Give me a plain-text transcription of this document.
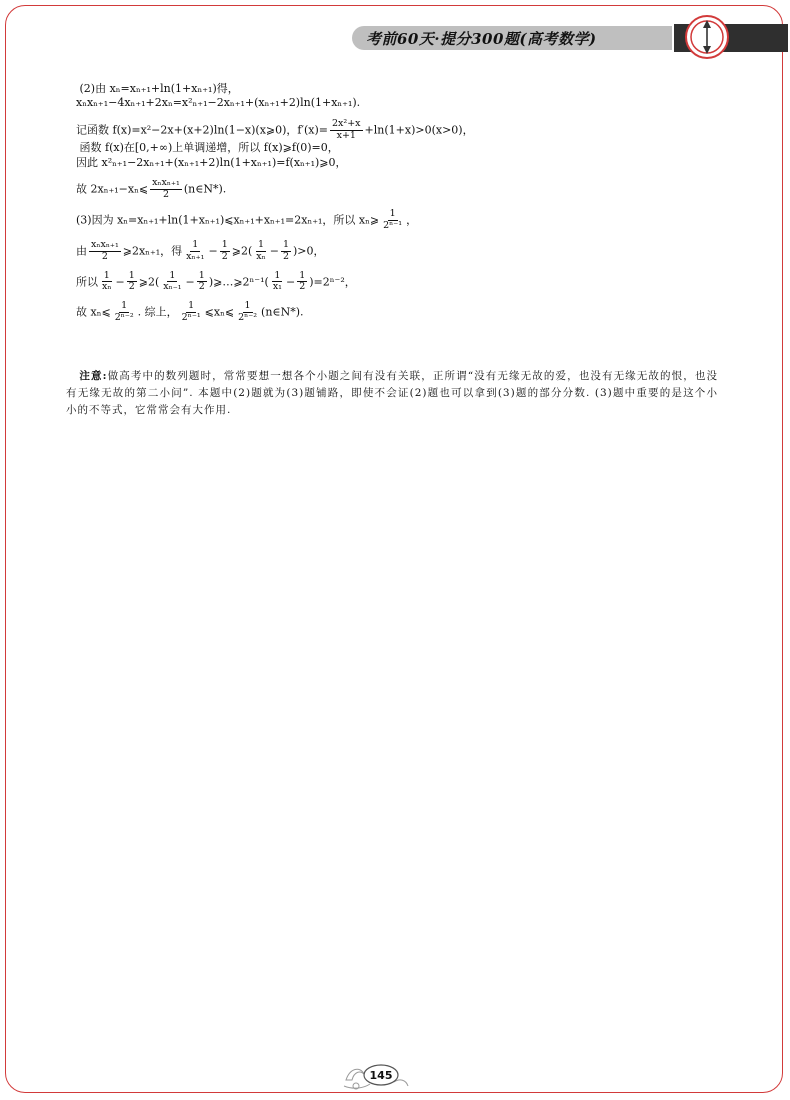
考前60天·提分300题(高考数学)

(2)由 xₙ=xₙ₊₁+ln(1+xₙ₊₁)得，

xₙxₙ₊₁−4xₙ₊₁+2xₙ=x²ₙ₊₁−2xₙ₊₁+(xₙ₊₁+2)ln(1+xₙ₊₁).

记函数 f(x)=x²−2x+(x+2)ln(1−x)(x⩾0)，$f'(x)= \frac{\text{2x²+x}}{x+1} +\ln(1+x)>0(x>0)$，

函数 f(x)在[0,+∞)上单调递增，所以 f(x)⩾f(0)=0，

因此 x²ₙ₊₁−2xₙ₊₁+(xₙ₊₁+2)ln(1+xₙ₊₁)=f(xₙ₊₁)⩾0，

故 2xₙ₊₁−xₙ⩽ $\frac{\text{xₙxₙ₊₁}}{2}$ (n∈N*).

(3)因为 xₙ=xₙ₊₁+ln(1+xₙ₊₁)⩽xₙ₊₁+xₙ₊₁=2xₙ₊₁，所以 xₙ⩾ $\frac{1}{\text{2ⁿ⁻¹}}$ ，

由 $\frac{\text{xₙxₙ₊₁}}{2}$ ⩾2xₙ₊₁，得 $\frac{1}{\text{xₙ₊₁}} - \frac{1}{2}$ ⩾2( $\frac{1}{\text{xₙ}} - \frac{1}{2} )>0$，

所以 $\frac{1}{\text{xₙ}} - \frac{1}{2}$ ⩾2( $\frac{1}{\text{xₙ₋₁}} - \frac{1}{2}$ )⩾…⩾2ⁿ⁻¹( $\frac{1}{\text{x₁}} - \frac{1}{2} )=2^{n-2}$，

故 xₙ⩽ $\frac{1}{\text{2ⁿ⁻²}}$ . 综上， $\frac{1}{\text{2ⁿ⁻¹}}$ ⩽xₙ⩽ $\frac{1}{\text{2ⁿ⁻²}}$ (n∈N*).

注意:做高考中的数列题时，常常要想一想各个小题之间有没有关联，正所谓“没有无缘无故的爱，也没有无缘无故的恨，也没有无缘无故的第二小问”. 本题中(2)题就为(3)题铺路，即使不会证(2)题也可以拿到(3)题的部分分数. (3)题中重要的是这个小小的不等式，它常常会有大作用.
145
